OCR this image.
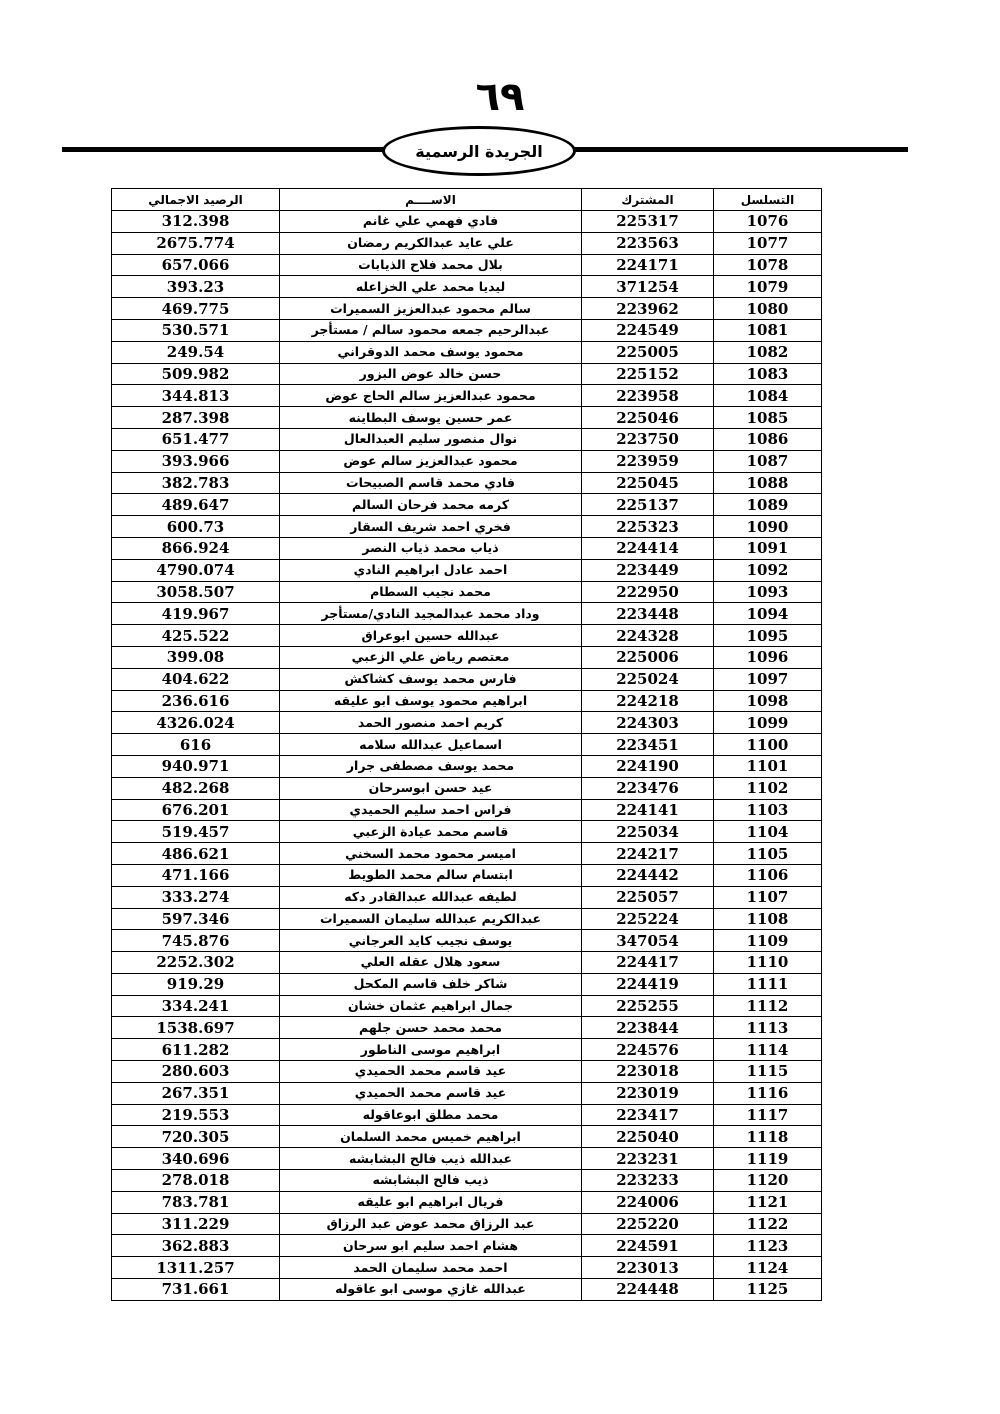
٦٩
الجريدة الرسمية
الرصيد الاجمالي	الاســــم	المشترك	التسلسل
312.398	فادي فهمي علي غانم	225317	1076
2675.774	علي عايد عبدالكريم رمضان	223563	1077
657.066	بلال محمد فلاح الذيابات	224171	1078
393.23	ليديا محمد علي الخزاعله	371254	1079
469.775	سالم محمود عبدالعزيز السميرات	223962	1080
530.571	عبدالرحيم جمعه محمود سالم / مستأجر	224549	1081
249.54	محمود يوسف محمد الدوقراني	225005	1082
509.982	حسن خالد عوض البزور	225152	1083
344.813	محمود عبدالعزيز سالم الحاج عوض	223958	1084
287.398	عمر حسين يوسف البطاينه	225046	1085
651.477	نوال منصور سليم العبدالعال	223750	1086
393.966	محمود عبدالعزيز سالم عوض	223959	1087
382.783	فادي محمد قاسم الصبيحات	225045	1088
489.647	كرمه محمد فرحان السالم	225137	1089
600.73	فخري احمد شريف السقار	225323	1090
866.924	ذياب محمد ذياب النصر	224414	1091
4790.074	احمد عادل ابراهيم النادي	223449	1092
3058.507	محمد نجيب السطام	222950	1093
419.967	وداد محمد عبدالمجيد النادي/مستأجر	223448	1094
425.522	عبدالله حسين ابوعراق	224328	1095
399.08	معتصم رياض علي الزعبي	225006	1096
404.622	فارس محمد يوسف كشاكش	225024	1097
236.616	ابراهيم محمود يوسف ابو عليقه	224218	1098
4326.024	كريم احمد منصور الحمد	224303	1099
616	اسماعيل عبدالله سلامه	223451	1100
940.971	محمد يوسف مصطفى جرار	224190	1101
482.268	عيد حسن ابوسرحان	223476	1102
676.201	فراس احمد سليم الحميدي	224141	1103
519.457	قاسم محمد عيادة الزعبي	225034	1104
486.621	اميسر محمود محمد السخني	224217	1105
471.166	ابتسام سالم محمد الطويط	224442	1106
333.274	لطيفه عبدالله عبدالقادر دكه	225057	1107
597.346	عبدالكريم عبدالله سليمان السميرات	225224	1108
745.876	يوسف نجيب كايد العرجاني	347054	1109
2252.302	سعود هلال عقله العلي	224417	1110
919.29	شاكر خلف قاسم المكحل	224419	1111
334.241	جمال ابراهيم عثمان خشان	225255	1112
1538.697	محمد محمد حسن جلهم	223844	1113
611.282	ابراهيم موسى الناطور	224576	1114
280.603	عيد قاسم محمد الحميدي	223018	1115
267.351	عيد قاسم محمد الحميدي	223019	1116
219.553	محمد مطلق ابوعاقوله	223417	1117
720.305	ابراهيم خميس محمد السلمان	225040	1118
340.696	عبدالله ذيب فالح البشابشه	223231	1119
278.018	ذيب فالح البشابشه	223233	1120
783.781	فريال ابراهيم ابو عليقه	224006	1121
311.229	عبد الرزاق محمد عوض عبد الرزاق	225220	1122
362.883	هشام احمد سليم ابو سرحان	224591	1123
1311.257	احمد محمد سليمان الحمد	223013	1124
731.661	عبدالله غازي موسى ابو عاقوله	224448	1125
